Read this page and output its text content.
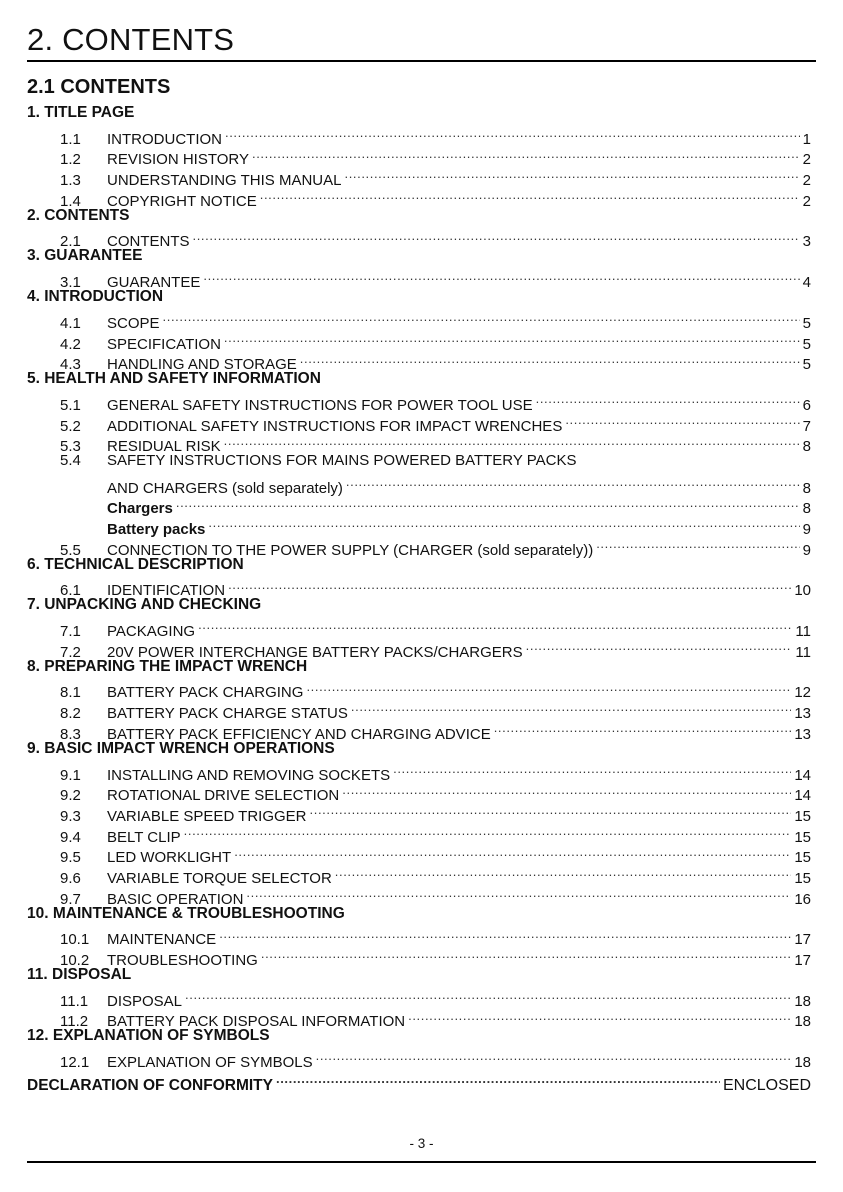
2. CONTENTS
2.1 CONTENTS
1. TITLE PAGE
1.1	INTRODUCTION .....	1
1.2	REVISION HISTORY .....	2
1.3	UNDERSTANDING THIS MANUAL .....	2
1.4	COPYRIGHT NOTICE .....	2
2. CONTENTS
2.1	CONTENTS .....	3
3. GUARANTEE
3.1	GUARANTEE .....	4
4. INTRODUCTION
4.1	SCOPE .....	5
4.2	SPECIFICATION .....	5
4.3	HANDLING AND STORAGE .....	5
5. HEALTH AND SAFETY INFORMATION
5.1	GENERAL SAFETY INSTRUCTIONS FOR POWER TOOL USE .....	6
5.2	ADDITIONAL SAFETY INSTRUCTIONS FOR IMPACT WRENCHES .....	7
5.3	RESIDUAL RISK .....	8
5.4	SAFETY INSTRUCTIONS FOR MAINS POWERED BATTERY PACKS
AND CHARGERS (sold separately) .....	8
Chargers .....	8
Battery packs .....	9
5.5	CONNECTION TO THE POWER SUPPLY (CHARGER (sold separately)) .....	9
6. TECHNICAL DESCRIPTION
6.1	IDENTIFICATION .....	10
7. UNPACKING AND CHECKING
7.1	PACKAGING .....	11
7.2	20V POWER INTERCHANGE BATTERY PACKS/CHARGERS .....	11
8. PREPARING THE IMPACT WRENCH
8.1	BATTERY PACK CHARGING .....	12
8.2	BATTERY PACK CHARGE STATUS .....	13
8.3	BATTERY PACK EFFICIENCY AND CHARGING ADVICE .....	13
9. BASIC IMPACT WRENCH OPERATIONS
9.1	INSTALLING AND REMOVING SOCKETS .....	14
9.2	ROTATIONAL DRIVE SELECTION .....	14
9.3	VARIABLE SPEED TRIGGER .....	15
9.4	BELT CLIP .....	15
9.5	LED WORKLIGHT .....	15
9.6	VARIABLE TORQUE SELECTOR .....	15
9.7	BASIC OPERATION .....	16
10. MAINTENANCE & TROUBLESHOOTING
10.1	MAINTENANCE .....	17
10.2	TROUBLESHOOTING .....	17
11. DISPOSAL
11.1	DISPOSAL .....	18
11.2	BATTERY PACK DISPOSAL INFORMATION .....	18
12. EXPLANATION OF SYMBOLS
12.1	EXPLANATION OF SYMBOLS .....	18
DECLARATION OF CONFORMITY .....	ENCLOSED
- 3 -
